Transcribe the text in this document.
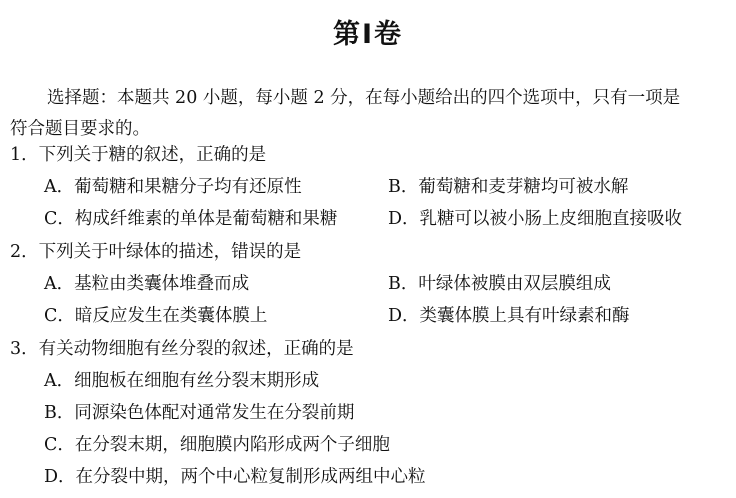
第Ⅰ卷
选择题：本题共 20 小题，每小题 2 分，在每小题给出的四个选项中，只有一项是
符合题目要求的。
1．下列关于糖的叙述，正确的是
A．葡萄糖和果糖分子均有还原性	B．葡萄糖和麦芽糖均可被水解
C．构成纤维素的单体是葡萄糖和果糖	D．乳糖可以被小肠上皮细胞直接吸收
2．下列关于叶绿体的描述，错误的是
A．基粒由类囊体堆叠而成	B．叶绿体被膜由双层膜组成
C．暗反应发生在类囊体膜上	D．类囊体膜上具有叶绿素和酶
3．有关动物细胞有丝分裂的叙述，正确的是
A．细胞板在细胞有丝分裂末期形成
B．同源染色体配对通常发生在分裂前期
C．在分裂末期，细胞膜内陷形成两个子细胞
D．在分裂中期，两个中心粒复制形成两组中心粒
